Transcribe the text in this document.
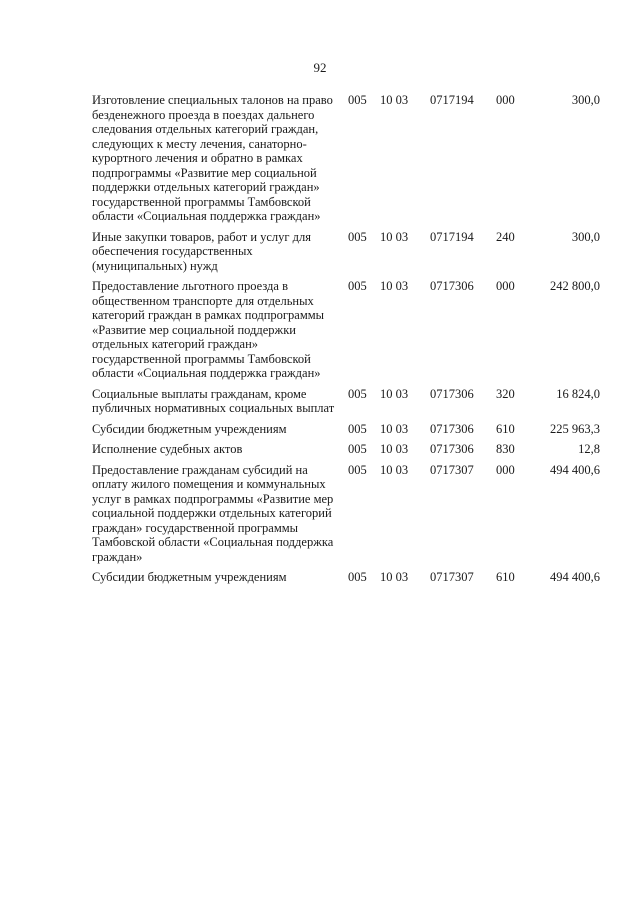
92
Изготовление специальных талонов на право безденежного проезда в поездах дальнего следования отдельных категорий граждан, следующих к месту лечения, санаторно-курортного лечения и обратно в рамках подпрограммы «Развитие мер социальной поддержки отдельных категорий граждан» государственной программы Тамбовской области «Социальная поддержка граждан»	005	10 03	0717194	000	300,0
Иные закупки товаров, работ и услуг для обеспечения государственных (муниципальных) нужд	005	10 03	0717194	240	300,0
Предоставление льготного проезда в общественном транспорте для отдельных категорий граждан в рамках подпрограммы «Развитие мер социальной поддержки отдельных категорий граждан» государственной программы Тамбовской области «Социальная поддержка граждан»	005	10 03	0717306	000	242 800,0
Социальные выплаты гражданам, кроме публичных нормативных социальных выплат	005	10 03	0717306	320	16 824,0
Субсидии бюджетным учреждениям	005	10 03	0717306	610	225 963,3
Исполнение судебных актов	005	10 03	0717306	830	12,8
Предоставление гражданам субсидий на оплату жилого помещения и коммунальных услуг в рамках подпрограммы «Развитие мер социальной поддержки отдельных категорий граждан» государственной программы Тамбовской области «Социальная поддержка граждан»	005	10 03	0717307	000	494 400,6
Субсидии бюджетным учреждениям	005	10 03	0717307	610	494 400,6
